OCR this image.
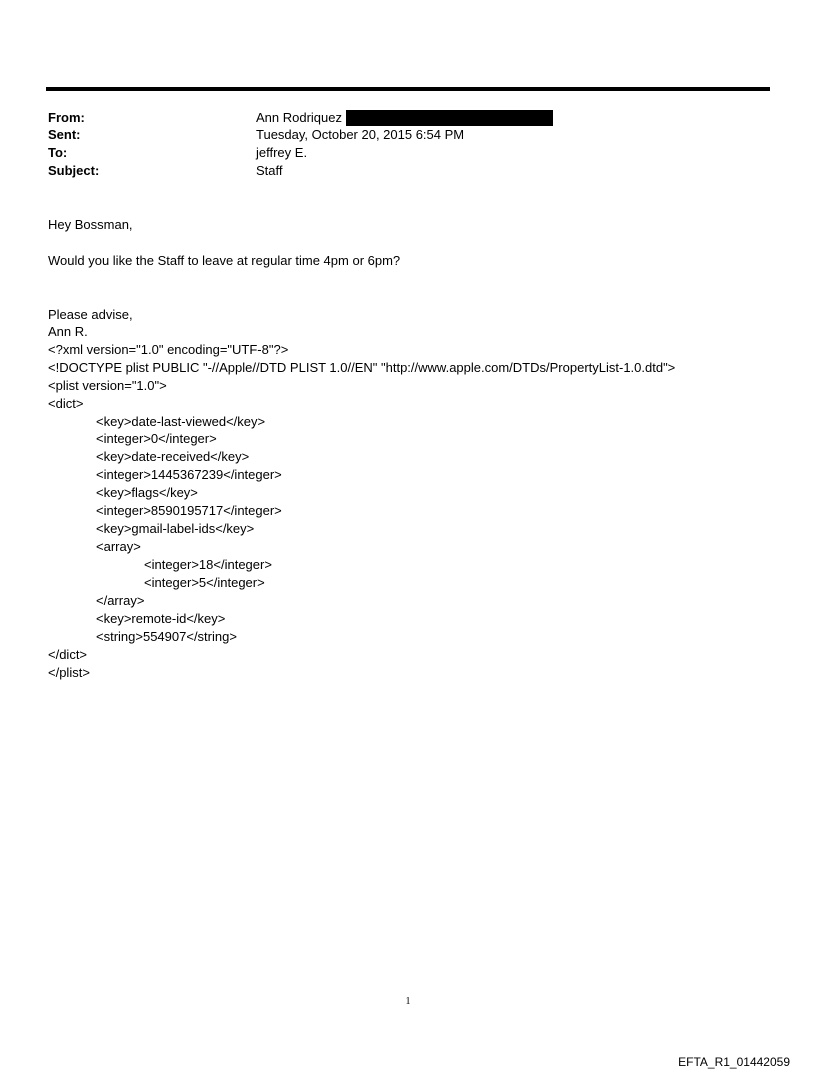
From:	Ann Rodriquez
Sent:	Tuesday, October 20, 2015 6:54 PM
To:	jeffrey E.
Subject:	Staff
Hey Bossman,
Would you like the Staff to leave at regular time 4pm or 6pm?
Please advise,
Ann R.
<?xml version="1.0" encoding="UTF-8"?>
<!DOCTYPE plist PUBLIC "-//Apple//DTD PLIST 1.0//EN" "http://www.apple.com/DTDs/PropertyList-1.0.dtd">
<plist version="1.0">
<dict>
<key>date-last-viewed</key>
<integer>0</integer>
<key>date-received</key>
<integer>1445367239</integer>
<key>flags</key>
<integer>8590195717</integer>
<key>gmail-label-ids</key>
<array>
<integer>18</integer>
<integer>5</integer>
</array>
<key>remote-id</key>
<string>554907</string>
</dict>
</plist>
1
EFTA_R1_01442059
